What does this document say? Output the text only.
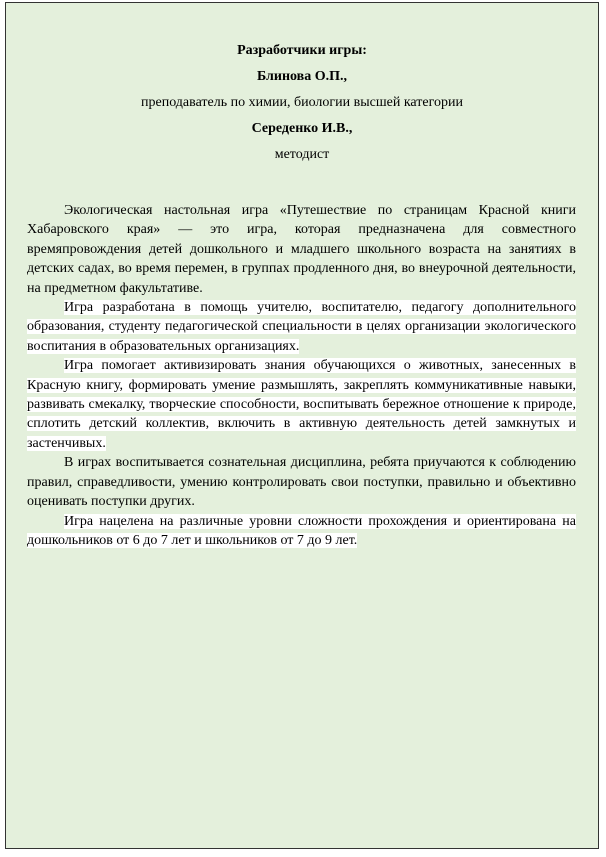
Разработчики игры:
Блинова О.П.,
преподаватель по химии, биологии высшей категории
Середенко И.В.,
методист

Экологическая настольная игра «Путешествие по страницам Красной книги Хабаровского края» — это игра, которая предназначена для совместного времяпровождения детей дошкольного и младшего школьного возраста на занятиях в детских садах, во время перемен, в группах продленного дня, во внеурочной деятельности, на предметном факультативе.

Игра разработана в помощь учителю, воспитателю, педагогу дополнительного образования, студенту педагогической специальности в целях организации экологического воспитания в образовательных организациях.

Игра помогает активизировать знания обучающихся о животных, занесенных в Красную книгу, формировать умение размышлять, закреплять коммуникативные навыки, развивать смекалку, творческие способности, воспитывать бережное отношение к природе, сплотить детский коллектив, включить в активную деятельность детей замкнутых и застенчивых.

В играх воспитывается сознательная дисциплина, ребята приучаются к соблюдению правил, справедливости, умению контролировать свои поступки, правильно и объективно оценивать поступки других.

Игра нацелена на различные уровни сложности прохождения и ориентирована на дошкольников от 6 до 7 лет и школьников от 7 до 9 лет.
